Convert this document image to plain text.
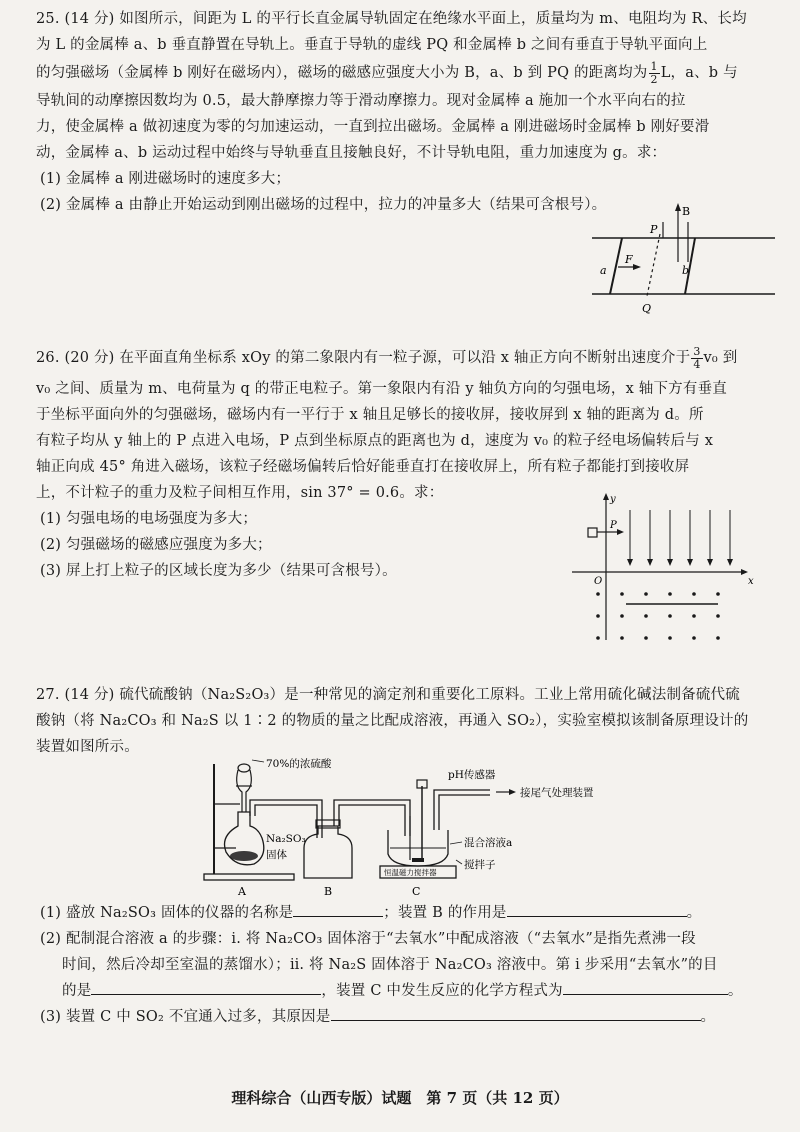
25. (14 分) 如图所示，间距为 L 的平行长直金属导轨固定在绝缘水平面上，质量均为 m、电阻均为 R、长均

为 L 的金属棒 a、b 垂直静置在导轨上。垂直于导轨的虚线 PQ 和金属棒 b 之间有垂直于导轨平面向上

的匀强磁场（金属棒 b 刚好在磁场内），磁场的磁感应强度大小为 B，a、b 到 PQ 的距离均为 $\frac{1}{2}$ L，a、b 与

导轨间的动摩擦因数均为 0.5，最大静摩擦力等于滑动摩擦力。现对金属棒 a 施加一个水平向右的拉

力，使金属棒 a 做初速度为零的匀加速运动，一直到拉出磁场。金属棒 a 刚进磁场时金属棒 b 刚好要滑

动，金属棒 a、b 运动过程中始终与导轨垂直且接触良好，不计导轨电阻，重力加速度为 g。求：

(1) 金属棒 a 刚进磁场时的速度多大；

(2) 金属棒 a 由静止开始运动到刚出磁场的过程中，拉力的冲量多大（结果可含根号）。	B
P
F
a	b
Q

26. (20 分) 在平面直角坐标系 xOy 的第二象限内有一粒子源，可以沿 x 轴正方向不断射出速度介于 $\frac{3}{4} v_0$ 到

v₀ 之间、质量为 m、电荷量为 q 的带正电粒子。第一象限内有沿 y 轴负方向的匀强电场，x 轴下方有垂直

于坐标平面向外的匀强磁场，磁场内有一平行于 x 轴且足够长的接收屏，接收屏到 x 轴的距离为 d。所

有粒子均从 y 轴上的 P 点进入电场，P 点到坐标原点的距离也为 d，速度为 v₀ 的粒子经电场偏转后与 x

轴正向成 45° 角进入磁场，该粒子经磁场偏转后恰好能垂直打在接收屏上，所有粒子都能打到接收屏

上，不计粒子的重力及粒子间相互作用，sin 37° = 0.6。求：

(1) 匀强电场的电场强度为多大；

(2) 匀强磁场的磁感应强度为多大；

(3) 屏上打上粒子的区域长度为多少（结果可含根号）。

y
x
O
P

27. (14 分) 硫代硫酸钠（Na₂S₂O₃）是一种常见的滴定剂和重要化工原料。工业上常用硫化碱法制备硫代硫

酸钠（将 Na₂CO₃ 和 Na₂S 以 1∶2 的物质的量之比配成溶液，再通入 SO₂），实验室模拟该制备原理设计的

装置如图所示。

70%的浓硫酸
pH传感器
接尾气处理装置
Na₂SO₃
固体
混合溶液a
搅拌子
恒温磁力搅拌器
A	B	C

(1) 盛放 Na₂SO₃ 固体的仪器的名称是	；装置 B 的作用是	。

(2) 配制混合溶液 a 的步骤：ⅰ. 将 Na₂CO₃ 固体溶于“去氧水”中配成溶液（“去氧水”是指先煮沸一段

时间，然后冷却至室温的蒸馏水）；ⅱ. 将 Na₂S 固体溶于 Na₂CO₃ 溶液中。第 ⅰ 步采用“去氧水”的目

的是	，装置 C 中发生反应的化学方程式为	。

(3) 装置 C 中 SO₂ 不宜通入过多，其原因是	。

理科综合（山西专版）试题　第 7 页（共 12 页）
